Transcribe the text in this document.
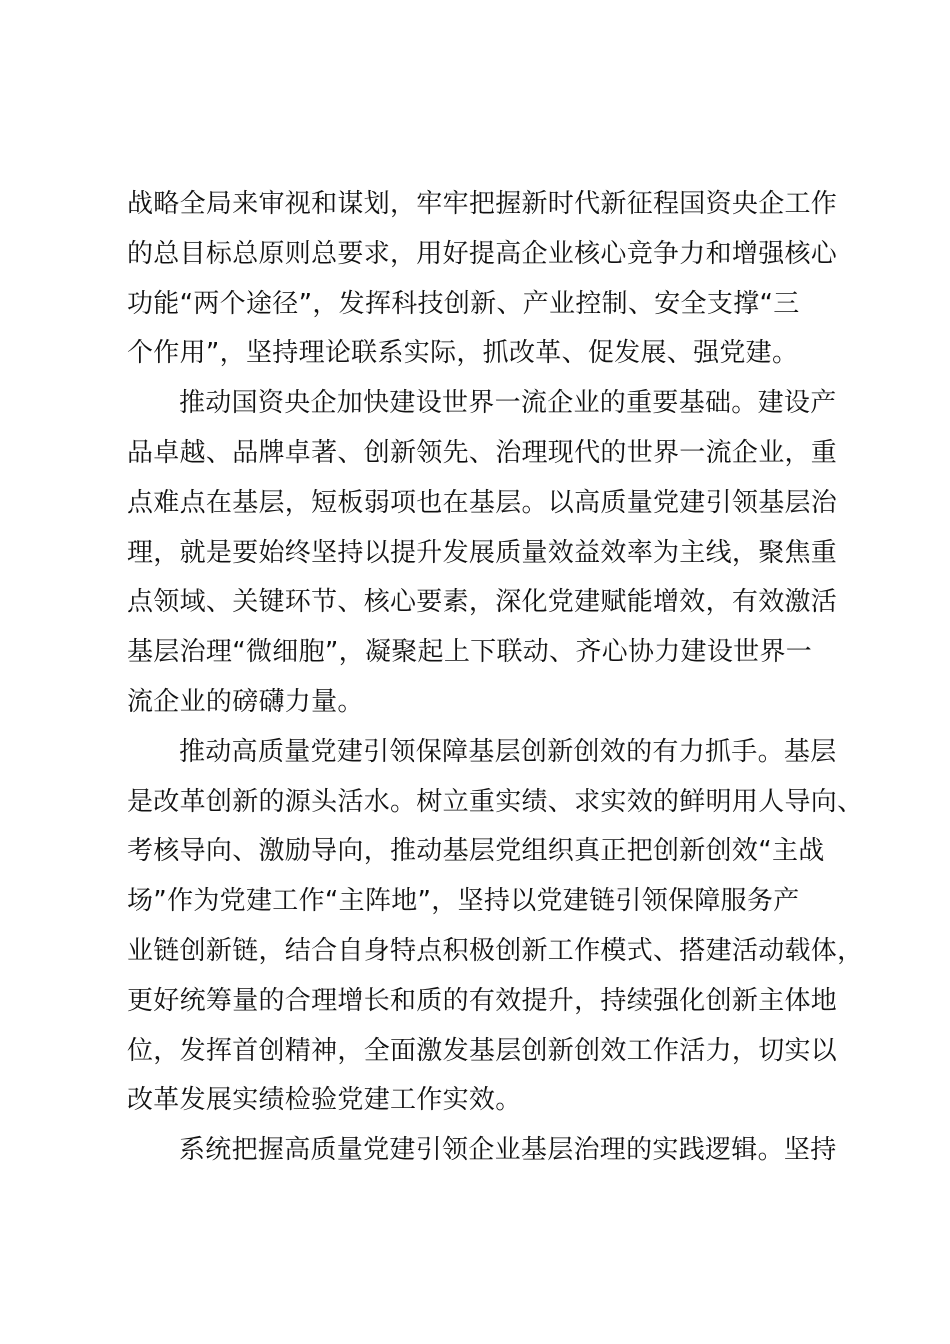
战略全局来审视和谋划，牢牢把握新时代新征程国资央企工作
的总目标总原则总要求，用好提高企业核心竞争力和增强核心
功能“两个途径”，发挥科技创新、产业控制、安全支撑“三
个作用”，坚持理论联系实际，抓改革、促发展、强党建。
推动国资央企加快建设世界一流企业的重要基础。建设产
品卓越、品牌卓著、创新领先、治理现代的世界一流企业，重
点难点在基层，短板弱项也在基层。以高质量党建引领基层治
理，就是要始终坚持以提升发展质量效益效率为主线，聚焦重
点领域、关键环节、核心要素，深化党建赋能增效，有效激活
基层治理“微细胞”，凝聚起上下联动、齐心协力建设世界一
流企业的磅礴力量。
推动高质量党建引领保障基层创新创效的有力抓手。基层
是改革创新的源头活水。树立重实绩、求实效的鲜明用人导向、
考核导向、激励导向，推动基层党组织真正把创新创效“主战
场”作为党建工作“主阵地”，坚持以党建链引领保障服务产
业链创新链，结合自身特点积极创新工作模式、搭建活动载体，
更好统筹量的合理增长和质的有效提升，持续强化创新主体地
位，发挥首创精神，全面激发基层创新创效工作活力，切实以
改革发展实绩检验党建工作实效。
系统把握高质量党建引领企业基层治理的实践逻辑。坚持
